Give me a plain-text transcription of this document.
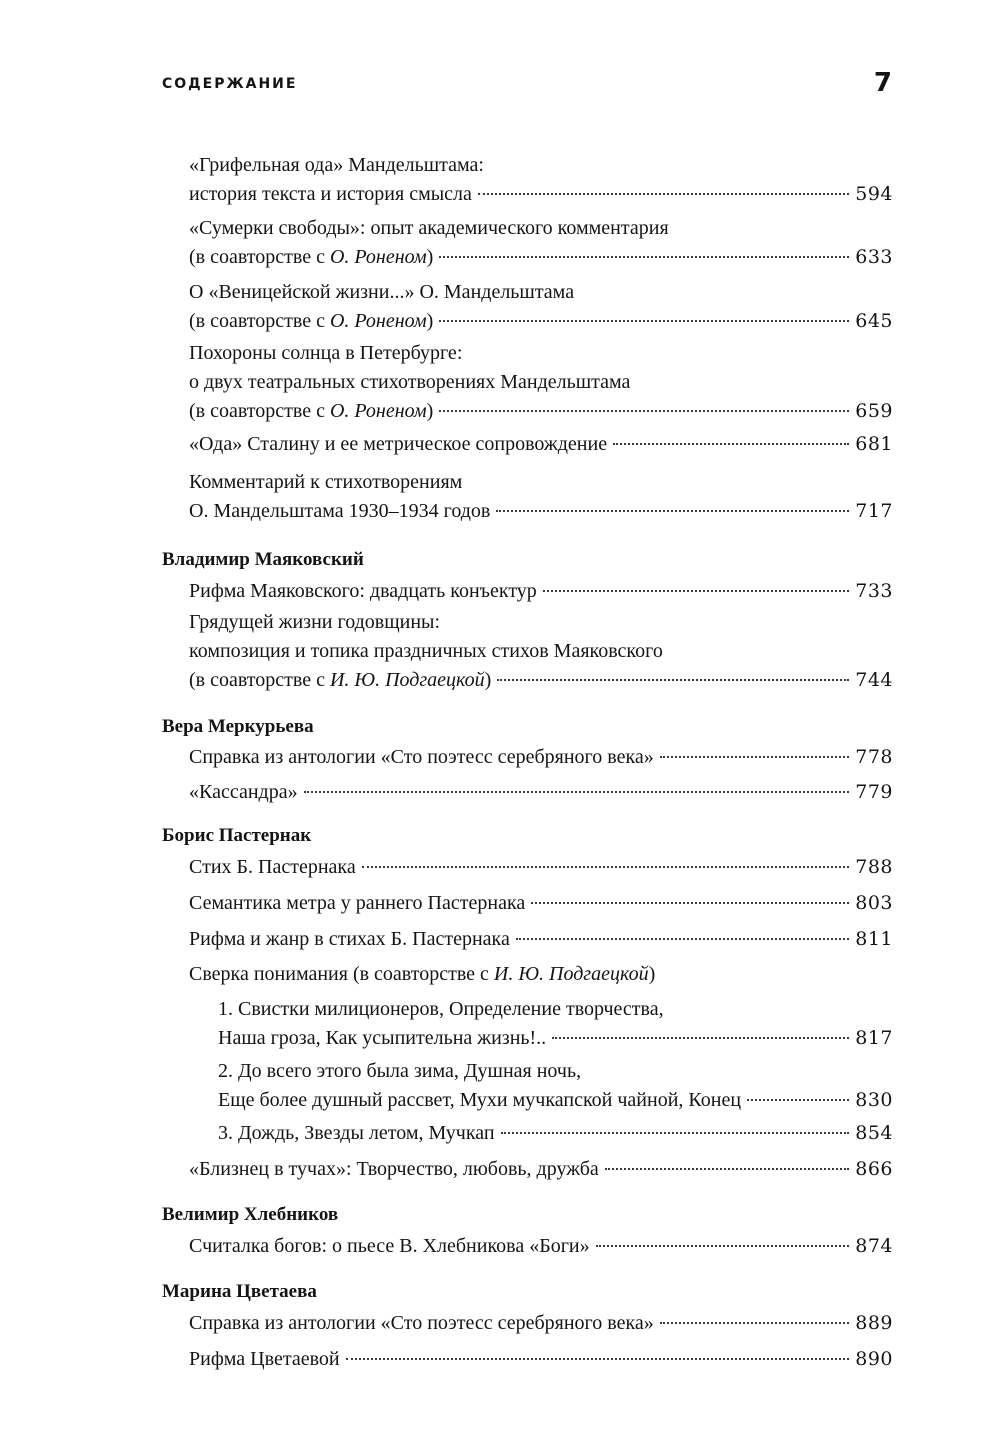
СОДЕРЖАНИЕ	7
«Грифельная ода» Мандельштама:
история текста и история смысла	594
«Сумерки свободы»: опыт академического комментария
(в соавторстве с О. Роненом)	633
О «Веницейской жизни...» О. Мандельштама
(в соавторстве с О. Роненом)	645
Похороны солнца в Петербурге:
о двух театральных стихотворениях Мандельштама
(в соавторстве с О. Роненом)	659
«Ода» Сталину и ее метрическое сопровождение	681
Комментарий к стихотворениям
О. Мандельштама 1930–1934 годов	717
Владимир Маяковский
Рифма Маяковского: двадцать конъектур	733
Грядущей жизни годовщины:
композиция и топика праздничных стихов Маяковского
(в соавторстве с И. Ю. Подгаецкой)	744
Вера Меркурьева
Справка из антологии «Сто поэтесс серебряного века»	778
«Кассандра»	779
Борис Пастернак
Стих Б. Пастернака	788
Семантика метра у раннего Пастернака	803
Рифма и жанр в стихах Б. Пастернака	811
Сверка понимания (в соавторстве с И. Ю. Подгаецкой)
1. Свистки милиционеров, Определение творчества,
Наша гроза, Как усыпительна жизнь!..	817
2. До всего этого была зима, Душная ночь,
Еще более душный рассвет, Мухи мучкапской чайной, Конец	830
3. Дождь, Звезды летом, Мучкап	854
«Близнец в тучах»: Творчество, любовь, дружба	866
Велимир Хлебников
Считалка богов: о пьесе В. Хлебникова «Боги»	874
Марина Цветаева
Справка из антологии «Сто поэтесс серебряного века»	889
Рифма Цветаевой	890
